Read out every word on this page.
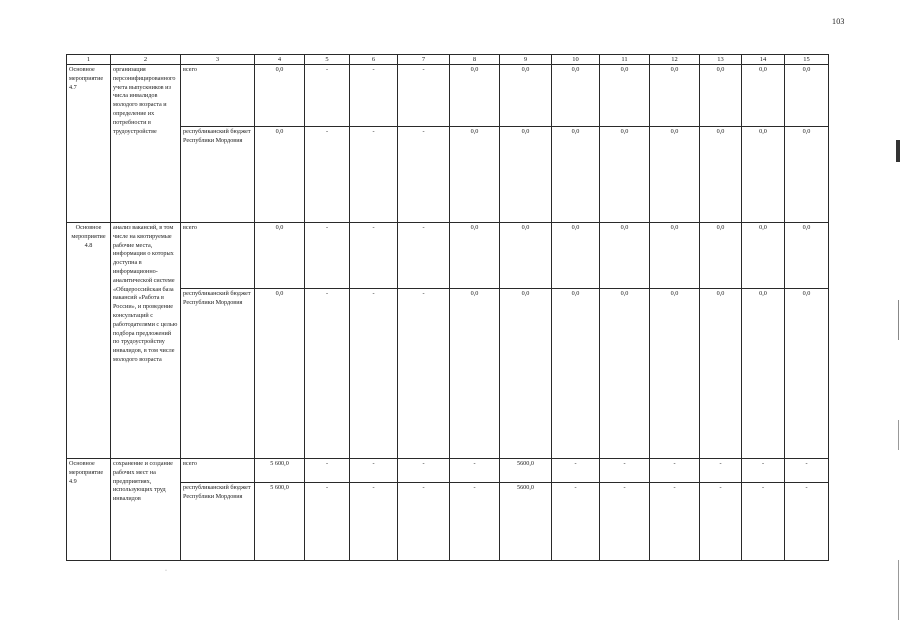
103
1	2	3	4	5	6	7	8	9	10	11	12	13	14	15
Основное мероприятие 4.7	организация персонифицированного учета выпускников из числа инвалидов молодого возраста и определение их потребности в трудоустройстве	всего	0,0	-	-	-	0,0	0,0	0,0	0,0	0,0	0,0	0,0	0,0
		республиканский бюджет Республики Мордовия	0,0	-	-	-	0,0	0,0	0,0	0,0	0,0	0,0	0,0	0,0
Основное мероприятие 4.8	анализ вакансий, в том числе на квотируемые рабочие места, информация о которых доступна в информационно-аналитической системе «Общероссийская база вакансий «Работа в России», и проведение консультаций с работодателями с целью подбора предложений по трудоустройству инвалидов, в том числе молодого возраста	всего	0,0	-	-	-	0,0	0,0	0,0	0,0	0,0	0,0	0,0	0,0
		республиканский бюджет Республики Мордовия	0,0	-	-	-	0,0	0,0	0,0	0,0	0,0	0,0	0,0	0,0
Основное мероприятие 4.9	сохранение и создание рабочих мест на предприятиях, использующих труд инвалидов	всего	5 600,0	-	-	-	-	5600,0	-	-	-	-	-	-
		республиканский бюджет Республики Мордовия	5 600,0	-	-	-	-	5600,0	-	-	-	-	-	-
·
